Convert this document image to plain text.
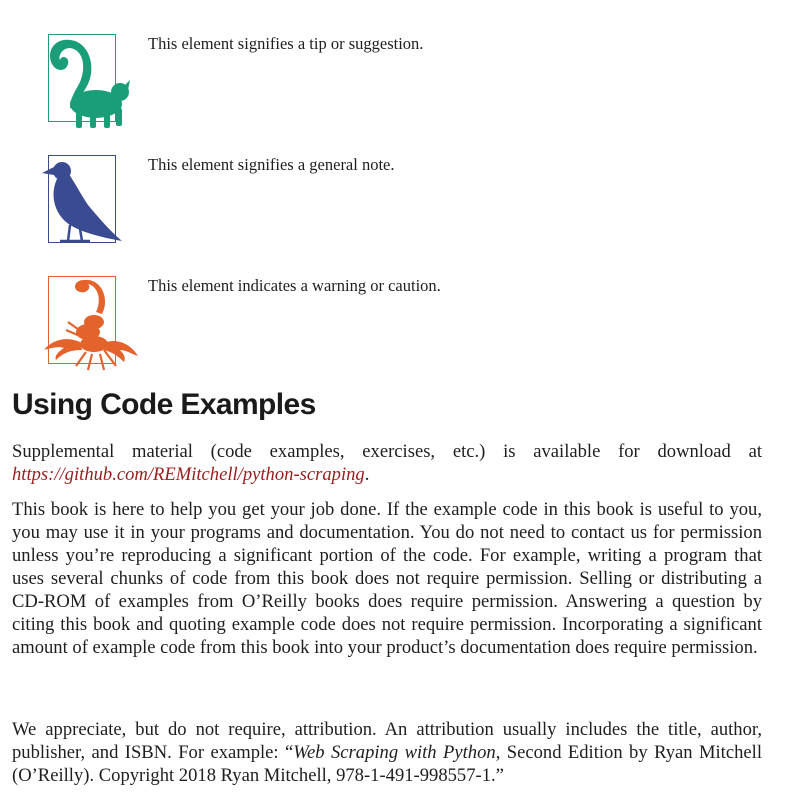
This element signifies a tip or suggestion.
This element signifies a general note.
This element indicates a warning or caution.
Using Code Examples

Supplemental material (code examples, exercises, etc.) is available for download at https://github.com/REMitchell/python-scraping.

This book is here to help you get your job done. If the example code in this book is useful to you, you may use it in your programs and documentation. You do not need to contact us for permission unless you’re reproducing a significant portion of the code. For example, writing a program that uses several chunks of code from this book does not require permission. Selling or distributing a CD-ROM of examples from O’Reilly books does require permission. Answering a question by citing this book and quoting example code does not require permission. Incorporating a significant amount of example code from this book into your product’s documentation does require permission.

We appreciate, but do not require, attribution. An attribution usually includes the title, author, publisher, and ISBN. For example: “Web Scraping with Python, Second Edition by Ryan Mitchell (O’Reilly). Copyright 2018 Ryan Mitchell, 978-1-491-998557-1.”
